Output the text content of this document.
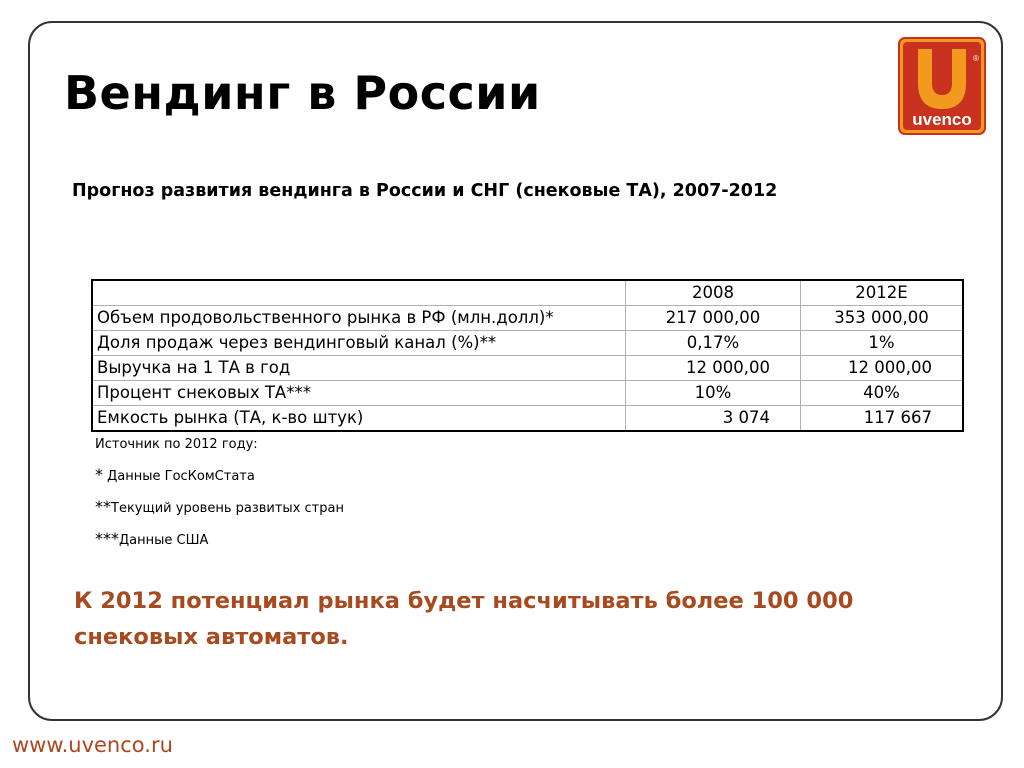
Вендинг в России	uvenco
®
Прогноз развития вендинга в России и СНГ (снековые ТА), 2007-2012
	2008	2012E
Объем продовольственного рынка в РФ (млн.долл)*	217 000,00	353 000,00
Доля продаж через вендинговый канал (%)**	0,17%	1%
Выручка на 1 ТА в год	12 000,00	12 000,00
Процент снековых ТА***	10%	40%
Емкость рынка (ТА, к-во штук)	3 074	117 667
Источник по 2012 году:
* Данные ГосКомСтата
**Текущий уровень развитых стран
***Данные США
К 2012 потенциал рынка будет насчитывать более 100 000 снековых автоматов.
www.uvenco.ru
